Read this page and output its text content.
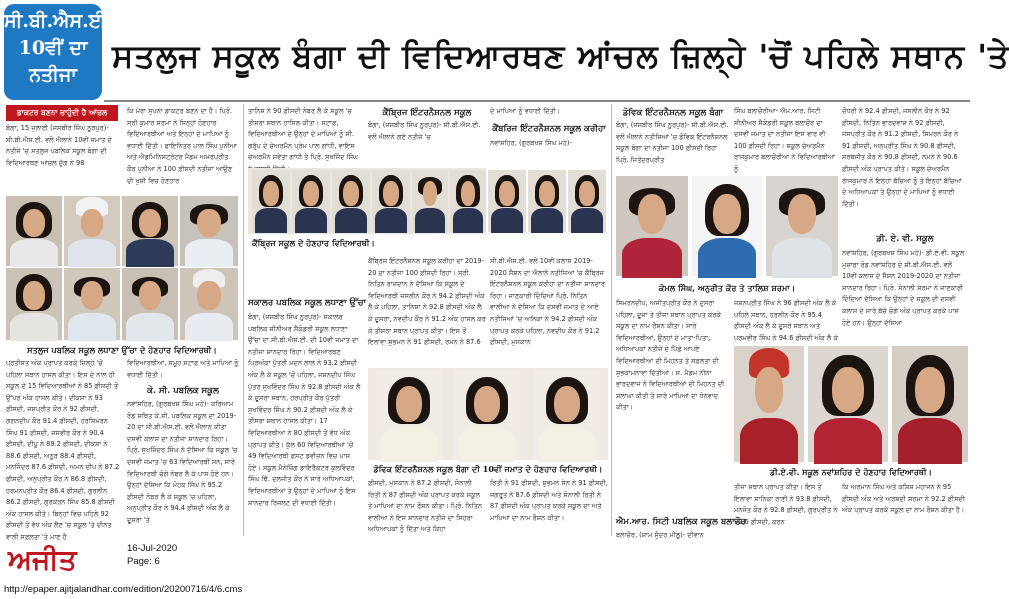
ਸੀ.ਬੀ.ਐਸ.ਈ.
10ਵੀਂ ਦਾ
ਨਤੀਜਾ	ਸਤਲੁਜ ਸਕੂਲ ਬੰਗਾ ਦੀ ਵਿਦਿਆਰਥਣ ਆਂਚਲ ਜ਼ਿਲ੍ਹੇ 'ਚੋਂ ਪਹਿਲੇ ਸਥਾਨ 'ਤੇ
ਡਾਕਟਰ ਬਣਨਾ ਚਾਹੁੰਦੀ ਹੈ ਆਂਚਲ
ਬੰਗਾ, 15 ਜੁਲਾਈ (ਜਸਬੀਰ ਸਿੰਘ ਨੂਰਪੁਰ)- ਸੀ.ਬੀ.ਐਸ.ਈ. ਵਲੋਂ ਐਲਾਨੇ 10ਵੀਂ ਜਮਾਤ ਦੇ ਨਤੀਜੇ 'ਚ ਸਤਲੁਜ ਪਬਲਿਕ ਸਕੂਲ ਬੰਗਾ ਦੀ ਵਿਦਿਆਰਥਣ ਆਂਚਲ ਦੁੱਗ ਨੇ 98
ਸਤਲੁਜ ਪਬਲਿਕ ਸਕੂਲ ਲਧਾਣਾ ਉੱਚਾ ਦੇ ਹੋਣਹਾਰ ਵਿਦਿਆਰਥੀ।
ਪ੍ਰਤੀਸ਼ਤ ਅੰਕ ਪ੍ਰਾਪਤ ਕਰਕੇ ਜ਼ਿਲ੍ਹੇ 'ਚੋਂ ਪਹਿਲਾ ਸਥਾਨ ਹਾਸਲ ਕੀਤਾ। ਇਸ ਦੇ ਨਾਲ ਹੀ ਸਕੂਲ ਦੇ 15 ਵਿਦਿਆਰਥੀਆਂ ਨੇ 85 ਫ਼ੀਸਦੀ ਤੋਂ ਉੱਪਰ ਅੰਕ ਹਾਸਲ ਕੀਤੇ। ਦੀਕਸ਼ਾ ਨੇ 93 ਫ਼ੀਸਦੀ, ਜਸਪ੍ਰੀਤ ਕੌਰ ਨੇ 92 ਫ਼ੀਸਦੀ, ਗਗਨਦੀਪ ਕੌਰ 91.4 ਫ਼ੀਸਦੀ, ਹਰਸਿਮਰਨ ਸਿੰਘ 91 ਫ਼ੀਸਦੀ, ਜਸਵੀਰ ਕੌਰ ਨੇ 90.4 ਫ਼ੀਸਦੀ, ਦੀਪੂ ਨੇ 89.2 ਫ਼ੀਸਦੀ, ਦੀਕਸ਼ਾ ਨੇ 88.6 ਫ਼ੀਸਦੀ, ਅਨੂਰ 88.4 ਫ਼ੀਸਦੀ, ਮਨਜਿੰਦਰ 87.6 ਫ਼ੀਸਦੀ, ਅਮਨ ਦੀਪ ਨੇ 87.2 ਫ਼ੀਸਦੀ, ਅਨੁਪ੍ਰੀਤ ਕੌਰ ਨੇ 86.8 ਫ਼ੀਸਦੀ, ਹਰਮਨਪ੍ਰੀਤ ਕੌਰ 86.4 ਫ਼ੀਸਦੀ, ਗੁਰਲੀਨ 86.2 ਫ਼ੀਸਦੀ, ਗੁਰਕਰਨ ਸਿੰਘ 85.8 ਫ਼ੀਸਦੀ ਅੰਕ ਹਾਸਲ ਕੀਤੇ। ਬਿਨ੍ਹਾਂ ਵਿਚ ਪਹਿਲੇ 92 ਫ਼ੀਸਦੀ ਤੋਂ ਵੱਧ ਅੰਕ ਲੈਣ 'ਚ ਸਕੂਲ 'ਤੇ ਦੀਨਤ ਵਾਲੀ ਸਫ਼ਲਤਾ 'ਤੇ ਮਾਣ ਹੈ
ਕਿ ਮੇਰਾ ਸੁਪਨਾ ਡਾਕਟਰ ਬਣਨ ਦਾ ਹੈ। ਪ੍ਰਿੰ. ਸ੍ਰੀ ਕੁਮਾਰ ਸ਼ਰਮਾ ਨੇ ਸਿਨ੍ਹਾਂ ਹੋਣਹਾਰ ਵਿਦਿਆਰਥੀਆਂ ਅਤੇ ਇਨ੍ਹਾਂ ਦੇ ਮਾਪਿਆਂ ਨੂੰ ਵਧਾਈ ਦਿੱਤੀ। ਫਾਇਨਿਤਰ ਪਾਲ ਸਿੰਘ ਪੁਨੀਆ ਅਤੇ ਐਡਮਿਨਿਸਟ੍ਰੇਟਰ ਮੈਡਮ ਅਮਰਪ੍ਰੀਤ ਕੌਰ ਪੁਨੀਆ ਨੇ 100 ਫ਼ੀਸਦੀ ਨਤੀਜਾ ਆਉਣ ਦੀ ਖੁਸ਼ੀ ਵਿਚ ਹੋਣਹਾਰ
ਵਿਦਿਆਰਥੀਆਂ, ਸਮੂਹ ਸਟਾਫ਼ ਅਤੇ ਮਾਪਿਆਂ ਨੂੰ ਵਧਾਈ ਦਿੱਤੀ।
ਕੇ. ਸੀ. ਪਬਲਿਕ ਸਕੂਲ
ਨਵਾਂਸ਼ਹਿਰ, (ਗੁਰਬਖਸ਼ ਸਿੰਘ ਮਹੇ)- ਕਰਿਆਮ ਰੋਡ ਸਥਿਤ ਕੇ.ਸੀ. ਪਬਲਿਕ ਸਕੂਲ ਦਾ 2019-20 ਦਾ ਸੀ.ਬੀ.ਐਸ.ਈ. ਵਲੋਂ ਐਲਾਨ ਕੀਤਾ ਦਸਵੀਂ ਕਲਾਸ ਦਾ ਨਤੀਜਾ ਸ਼ਾਨਦਾਰ ਰਿਹਾ। ਪ੍ਰਿੰ. ਸੁਖਜਿੰਦਰ ਸਿੰਘ ਨੇ ਦੱਸਿਆ ਕਿ ਸਕੂਲ 'ਚ ਦਸਵੀਂ ਜਮਾਤ 'ਚ 63 ਵਿਦਿਆਰਥੀ ਸਨ, ਸਾਰੇ ਵਿਦਿਆਰਥੀ ਚੰਗੇ ਨੰਬਰ ਲੈ ਕੇ ਪਾਸ ਹੋਏ ਹਨ। ਉਨ੍ਹਾਂ ਦੱਸਿਆ ਕਿ ਮੋਹਕ ਸਿੰਘ ਨੇ 95.2 ਫ਼ੀਸਦੀ ਨੰਬਰ ਲੈ ਕੇ ਸਕੂਲ 'ਚ ਪਹਿਲਾ, ਅਨੁਪ੍ਰੀਤ ਕੌਰ ਨੇ 94.4 ਫ਼ੀਸਦੀ ਅੰਕ ਲੈ ਕੇ ਦੂਸਰਾ 'ਤੇ
ਤਾਨਿਸ਼ ਨੇ 90 ਫ਼ੀਸਦੀ ਨੰਬਰ ਲੈ ਕੇ ਸਕੂਲ 'ਚ ਤੀਸਰਾ ਸਥਾਨ ਹਾਸਿਲ ਕੀਤਾ। ਸਟਾਫ਼, ਵਿਦਿਆਰਥੀਆਂ ਦੇ ਉਨ੍ਹਾਂ ਦੇ ਮਾਪਿਆਂ ਨੂੰ ਸੀ. ਗਰੁੱਪ ਦੇ ਚੇਅਰਮੈਨ ਪ੍ਰੇਮ ਪਾਲ ਗਾਂਧੀ, ਵਾਇਸ ਚੇਅਰਮੈਨ ਸਵੇਤਾ ਗਾਂਧੀ ਤੇ ਪ੍ਰਿੰ. ਸੁਖਜਿੰਦ ਸਿੰਘ
ਸਕਾਲਰ ਪਬਲਿਕ ਸਕੂਲ ਲਧਾਣਾ ਉੱਚਾ
ਬੰਗਾ, (ਜਸਬੀਰ ਸਿੰਘ ਨੂਰਪੁਰ)- ਸਕਾਲਰ ਪਬਲਿਕ ਸੀਨੀਅਰ ਸੈਕੰਡਰੀ ਸਕੂਲ ਲਧਾਣਾ ਉੱਚਾ ਦਾ ਸੀ.ਬੀ.ਐਸ.ਈ. ਦੀ 10ਵੀਂ ਜਮਾਤ ਦਾ ਨਤੀਜਾ ਸ਼ਾਨਦਾਰ ਰਿਹਾ। ਵਿਦਿਆਰਥਣ ਪ੍ਰਿਅੰਕਾ ਪੁੱਤਰੀ ਮਦਨ ਲਾਲ ਨੇ 93.2 ਫ਼ੀਸਦੀ ਅੰਕ ਲੈ ਕੇ ਸਕੂਲ 'ਚੋਂ ਪਹਿਲਾ, ਜਸ਼ਨਦੀਪ ਸਿੰਘ ਪੁੱਤਰ ਸੁਖਵਿੰਦਰ ਸਿੰਘ ਨੇ 92.8 ਫ਼ੀਸਦੀ ਅੰਕ ਲੈ ਕੇ ਦੂਸਰਾ ਸਥਾਨ, ਹਰਪ੍ਰੀਤ ਕੌਰ ਪੁੱਤਰੀ ਸੁਖਵਿੰਦਰ ਸਿੰਘ ਨੇ 90.2 ਫ਼ੀਸਦੀ ਅੰਕ ਲੈ ਕੇ ਤੀਸਰਾ ਸਥਾਨ ਹਾਸਲ ਕੀਤਾ। 17 ਵਿਦਿਆਰਥੀਆਂ ਨੇ 80 ਫ਼ੀਸਦੀ ਤੋਂ ਵੱਧ ਅੰਕ ਪ੍ਰਾਪਤ ਕੀਤੇ। ਕੁੱਲ 60 ਵਿਦਿਆਰਥੀਆਂ 'ਚੋਂ 49 ਵਿਦਿਆਰਥੀ ਫਸਟ ਡਵੀਜ਼ਨ ਵਿਚ ਪਾਸ ਹੋਏ। ਸਕੂਲ ਮੈਨੇਜਿੰਗ ਡਾਇਰੈਕਟਰ ਕੁਲਵਿੰਦਰ ਸਿੰਘ ਢਿੱ. ਦਲਜੀਤ ਕੌਰ ਨੇ ਸਾਰੇ ਅਧਿਆਪਕਾਂ, ਵਿਦਿਆਰਥੀਆਂ ਤੇ ਉਨ੍ਹਾਂ ਦੇ ਮਾਪਿਆਂ ਨੂੰ ਇਸ ਸ਼ਾਨਦਾਰ ਰਿਜ਼ਲਟ ਦੀ ਵਧਾਈ ਦਿੱਤੀ।
ਕੈਂਬ੍ਰਿਜ ਸਕੂਲ ਦੇ ਹੋਣਹਾਰ ਵਿਦਿਆਰਥੀ।
ਕੈਂਬ੍ਰਿਜ ਇੰਟਰਨੈਸ਼ਨਲ ਸਕੂਲ
ਬੰਗਾ, (ਜਸਬੀਰ ਸਿੰਘ ਨੂਰਪੁਰ)- ਸੀ.ਬੀ.ਐਸ.ਈ. ਵਲੋਂ ਐਲਾਨੇ ਗਏ ਨਤੀਜੇ 'ਚ
ਕੈਂਬ੍ਰਿਜ ਇੰਟਰਨੈਸ਼ਨਲ ਸਕੂਲ ਕਰੀਹਾ ਦਾ 2019-20 ਦਾ ਨਤੀਜਾ 100 ਫ਼ੀਸਦੀ ਰਿਹਾ। ਸ੍ਰੀ. ਨਿਤਿਨ ਰਾਜ਼ਦਾਨ ਨੇ ਦੱਸਿਆ ਕਿ ਸਕੂਲ ਦੇ ਵਿਦਿਆਰਥੀ ਜਸਲੀਨ ਕੌਰ ਨੇ 94.2 ਫ਼ੀਸਦੀ ਅੰਕ ਲੈ ਕੇ ਪਹਿਲਾ, ਤਾਨਿਸ਼ਾ ਨੇ 92.8 ਫ਼ੀਸਦੀ ਅੰਕ ਲੈ ਕੇ ਦੂਸਰਾ, ਨਵਦੀਪ ਕੌਰ ਨੇ 91.2 ਅੰਕ ਹਾਸਲ ਕਰ ਕੇ ਤੀਸਰਾ ਸਥਾਨ ਪ੍ਰਾਪਤ ਕੀਤਾ। ਇਸ ਤੋਂ ਇਲਾਵਾ ਸ਼ੁਭਮਨ ਨੇ 91 ਫ਼ੀਸਦੀ, ਰਮਨ ਨੇ 87.6
ਦੇ ਮਾਪਿਆਂ ਨੂੰ ਵਧਾਈ ਦਿੱਤੀ।
ਕੈਂਬਰਿਜ ਇੰਟਰਨੈਸ਼ਨਲ ਸਕੂਲ ਕਰੀਹਾ
ਨਵਾਂਸ਼ਹਿਰ, (ਗੁਰਬਖਸ਼ ਸਿੰਘ ਮਹੇ)-
ਸੀ.ਬੀ.ਐਸ.ਈ. ਵਲੋਂ 10ਵੀਂ ਕਲਾਸ 2019-2020 ਸੈਸ਼ਨ ਦਾ ਐਲਾਨੇ ਨਤੀਜਿਆਂ 'ਚ ਕੈਂਬ੍ਰਿਜ ਇੰਟਰਨੈਸ਼ਨਲ ਸਕੂਲ ਕਰੀਹਾ ਦਾ ਨਤੀਜਾ ਸ਼ਾਨਦਾਰ ਰਿਹਾ। ਜਾਣਕਾਰੀ ਦਿੰਦਿਆਂ ਪ੍ਰਿੰ. ਨਿਤਿਨ ਵਾਲੀਆ ਨੇ ਦੱਸਿਆ ਕਿ ਦਸਵੀਂ ਜਮਾਤ ਦੇ ਆਏ ਨਤੀਜਿਆਂ 'ਚ ਅਨਿਕਾ ਨੇ 94.2 ਫ਼ੀਸਦੀ ਅੰਕ ਪ੍ਰਾਪਤ ਕਰਕੇ ਪਹਿਲਾ, ਨਵਦੀਪ ਕੌਰ ਨੇ 91.2 ਫ਼ੀਸਦੀ, ਮੁਸਕਾਨ
ਡੋਵਿਕ ਇੰਟਰਨੈਸ਼ਨਲ ਸਕੂਲ ਬੰਗਾ ਦੀ 10ਵੀਂ ਜਮਾਤ ਦੇ ਹੋਣਹਾਰ ਵਿਦਿਆਰਥੀ।
ਫ਼ੀਸਦੀ, ਮੁਸਕਾਨ ਨੇ 87.2 ਫ਼ੀਸਦੀ, ਸੋਨਾਲੀ ਰਿਤੀ ਨੇ 87 ਫ਼ੀਸਦੀ ਅੰਕ ਪ੍ਰਾਪਤ ਕਰਕੇ ਸਕੂਲ ਤੇ ਮਾਪਿਆਂ ਦਾ ਨਾਮ ਰੌਸ਼ਨ ਕੀਤਾ। ਪ੍ਰਿੰ. ਨਿਤਿਨ ਵਾਲੀਆ ਨੇ ਇਸ ਸ਼ਾਨਦਾਰ ਨਤੀਜੇ ਦਾ ਸਿਹਰਾ ਅਧਿਆਪਕਾਂ ਨੂੰ ਦਿੱਤਾ ਅਤੇ ਕਿਹਾ
ਰਿਤੀ ਨੇ 91 ਫ਼ੀਸਦੀ, ਸ਼ੁਭਮਨ ਸੇਨ ਨੇ 91 ਫ਼ੀਸਦੀ, ਜਗਰੂਤ ਨੇ 87.6 ਫ਼ੀਸਦੀ ਅਤੇ ਸੋਨਾਲੀ ਰਿਤੀ ਨੇ 87 ਫ਼ੀਸਦੀ ਅੰਕ ਪ੍ਰਾਪਤ ਕਰਕੇ ਸਕੂਲ ਦਾ ਅਤੇ ਮਾਪਿਆਂ ਦਾ ਨਾਮ ਰੌਸ਼ਨ ਕੀਤਾ।
ਡੋਵਿਕ ਇੰਟਰਨੈਸ਼ਨਲ ਸਕੂਲ ਬੰਗਾ
ਬੰਗਾ, (ਜਸਬੀਰ ਸਿੰਘ ਨੂਰਪੁਰ)- ਸੀ.ਬੀ.ਐਸ.ਈ. ਵਲੋਂ ਐਲਾਨੇ ਨਤੀਜਿਆਂ 'ਚ ਡੋਵਿਕ ਇੰਟਰਨੈਸ਼ਨਲ ਸਕੂਲ ਬੰਗਾ ਦਾ ਨਤੀਜਾ 100 ਫ਼ੀਸਦੀ ਰਿਹਾ ਪ੍ਰਿੰ. ਜਿਤੇਂਦਰਪ੍ਰੀਤ
ਕੋਮਲ ਸਿੰਘ, ਅਨੁਰੀਤ ਕੌਰ ਤੇ ਤਾਲਿਸ਼ ਸ਼ਰਮਾ।
ਸਿਮਰਨਦੀਪ, ਅਜੀਤਪ੍ਰੀਤ ਕੌਰ ਨੇ ਦੁਸਰਾ ਪਹਿਲਾ, ਦੂਜਾ ਤੇ ਤੀਜਾ ਸਥਾਨ ਪ੍ਰਾਪਤ ਕਰਕੇ ਸਕੂਲ ਦਾ ਨਾਮ ਰੌਸ਼ਨ ਕੀਤਾ। ਸਾਰੇ ਵਿਦਿਆਰਥੀਆਂ, ਉਨ੍ਹਾਂ ਦੇ ਮਾਤਾ-ਪਿਤਾ, ਅਧਿਆਪਕਾਂ ਨਤੀਜੇ ਦੇ ਪਿੱਛੇ ਆਪਣੇ ਵਿਦਿਆਰਥੀਆਂ ਦੀ ਮਿਹਨਤ ਤੇ ਸਫ਼ਲਤਾ ਦੀ ਸ਼ੁਭਕਾਮਨਾਵਾਂ ਦਿੱਤੀਆਂ। ਸ. ਮੈਡਮ ਨੀਨਾ ਭਾਰਦਵਾਜ ਨੇ ਵਿਦਿਆਰਥੀਆਂ ਦੀ ਮਿਹਨਤ ਦੀ ਸ਼ਲਾਘਾ ਕੀਤੀ ਤੇ ਸਾਰੇ ਮਾਪਿਆਂ ਦਾ ਧੰਨਵਾਦ ਕੀਤਾ।
ਐਮ.ਆਰ. ਸਿਟੀ ਪਬਲਿਕ ਸਕੂਲ ਬਲਾਚੌਰ
ਬਲਾਚੌਰ, (ਸ਼ਾਮ ਸੁੰਦਰ ਮੀਲੂ)- ਦੀਵਾਨ
ਸਿੰਘ ਬਲਾਚੌਰੀਆ- ਐਮ.ਆਰ. ਸਿਟੀ ਸੀਨੀਅਰ ਸੈਕੰਡਰੀ ਸਕੂਲ ਬਲਾਚੌਰ ਦਾ ਦਸਵੀਂ ਜਮਾਤ ਦਾ ਨਤੀਜਾ ਇਸ ਵਾਰ ਵੀ 100 ਫ਼ੀਸਦੀ ਰਿਹਾ। ਸਕੂਲ ਚੇਅਰਮੈਨ ਰਾਜਕੁਮਾਰ ਬਲਾਚੌਰੀਆ ਨੇ ਵਿਦਿਆਰਥੀਆਂ ਨੂੰ
ਜਸ਼ਨਪ੍ਰੀਤ ਸਿੰਘ ਨੇ 96 ਫ਼ੀਸਦੀ ਅੰਕ ਲੈ ਕੇ ਪਹਿਲੇ ਸਥਾਨ, ਹਰਲੀਨ ਕੌਰ ਨੇ 95.4 ਫ਼ੀਸਦੀ ਅੰਕ ਲੈ ਕੇ ਦੂਸਰੇ ਸਥਾਨ ਅਤੇ ਪਰਮਵੀਰ ਸਿੰਘ ਨੇ 94.6 ਫ਼ੀਸਦੀ ਅੰਕ ਲੈ ਕੇ
ਡੀ.ਏ.ਵੀ. ਸਕੂਲ ਨਵਾਂਸ਼ਹਿਰ ਦੇ ਹੋਣਹਾਰ ਵਿਦਿਆਰਥੀ।
ਤੀਜਾ ਸਥਾਨ ਪ੍ਰਾਪਤ ਕੀਤਾ। ਇਸ ਤੋਂ ਇਲਾਵਾ ਸ਼ਾਨਿਕਾ ਰਾਣੀ ਨੇ 93.8 ਫ਼ੀਸਦੀ, ਮਨਜੋਤ ਕੌਰ ਨੇ 92.8 ਫ਼ੀਸਦੀ, ਗੁਰਪ੍ਰੀਤ ਨੇ 92.6 ਫ਼ੀਸਦੀ, ਕਰਨ
ਚੌਧਰੀ ਨੇ 92.4 ਫ਼ੀਸਦੀ, ਜਸਲੀਨ ਕੌਰ ਨੇ 92 ਫ਼ੀਸਦੀ, ਨਿਤਿਨ ਭਾਰਦਵਾਜ ਨੇ 92 ਫ਼ੀਸਦੀ, ਜਸਪ੍ਰੀਤ ਕੌਰ ਨੇ 91.2 ਫ਼ੀਸਦੀ, ਸਿਮਰਨ ਕੌਰ ਨੇ 91 ਫ਼ੀਸਦੀ, ਅਨਪ੍ਰੀਤ ਸਿੰਘ ਨੇ 90.8 ਫ਼ੀਸਦੀ, ਸਰਬਜੀਤ ਕੌਰ ਨੇ 90.8 ਫ਼ੀਸਦੀ, ਨਮਨ ਨੇ 90.6 ਫ਼ੀਸਦੀ ਅੰਕ ਪ੍ਰਾਪਤ ਕੀਤੇ। ਸਕੂਲ ਚੇਅਰਮੈਨ ਰਾਜਕੁਮਾਰ ਨੇ ਇਨ੍ਹਾਂ ਬੱਚਿਆਂ ਨੂੰ ਤੇ ਇਨ੍ਹਾਂ ਬੱਚਿਆਂ ਦੇ ਅਧਿਆਪਕਾਂ ਤੇ ਉਨ੍ਹਾਂ ਦੇ ਮਾਪਿਆਂ ਨੂੰ ਵਧਾਈ ਦਿੱਤੀ।
ਡੀ. ਏ. ਵੀ. ਸਕੂਲ
ਨਵਾਂਸ਼ਹਿਰ, (ਗੁਰਬਖਸ਼ ਸਿੰਘ ਮਹੇ)- ਡੀ.ਏ.ਵੀ. ਸਕੂਲ ਮੁਜ਼ਾਰਾ ਰੋਡ ਨਵਾਂਸ਼ਹਿਰ ਦੇ ਸੀ.ਬੀ.ਐਸ.ਈ. ਵਲੋਂ 10ਵੀਂ ਕਲਾਸ ਦੇ ਸੈਸ਼ਨ 2019-2020 ਦਾ ਨਤੀਜਾ ਸ਼ਾਨਦਾਰ ਰਿਹਾ। ਪ੍ਰਿੰ. ਸੋਨਾਲੀ ਸ਼ਰਮਾ ਨੇ ਜਾਣਕਾਰੀ ਦਿੰਦਿਆਂ ਦੱਸਿਆ ਕਿ ਉਨ੍ਹਾਂ ਦੇ ਸਕੂਲ ਦੀ ਦਸਵੀਂ ਕਲਾਸ ਦੇ ਸਾਰੇ ਬੱਚੇ ਚੰਗੇ ਅੰਕ ਪ੍ਰਾਪਤ ਕਰਕੇ ਪਾਸ ਹੋਏ ਹਨ। ਉਨ੍ਹਾਂ ਦੱਸਿਆ
ਕਿ ਅਰਮਾਨ ਸਿੰਘ ਅਤੇ ਕਸ਼ਿਸ਼ ਮਹਾਜਨ ਨੇ 95 ਫ਼ੀਸਦੀ ਅੰਕ ਅਤੇ ਅਰਸ਼ਦੀ ਸ਼ਰਮਾ ਨੇ 92.2 ਫ਼ੀਸਦੀ ਅੰਕ ਪ੍ਰਾਪਤ ਕਰਕੇ ਸਕੂਲ ਦਾ ਨਾਮ ਰੌਸ਼ਨ ਕੀਤਾ ਹੈ।
ਅਜੀਤ	16-Jul-2020
Page: 6
http://epaper.ajitjalandhar.com/edition/20200716/4/6.cms
